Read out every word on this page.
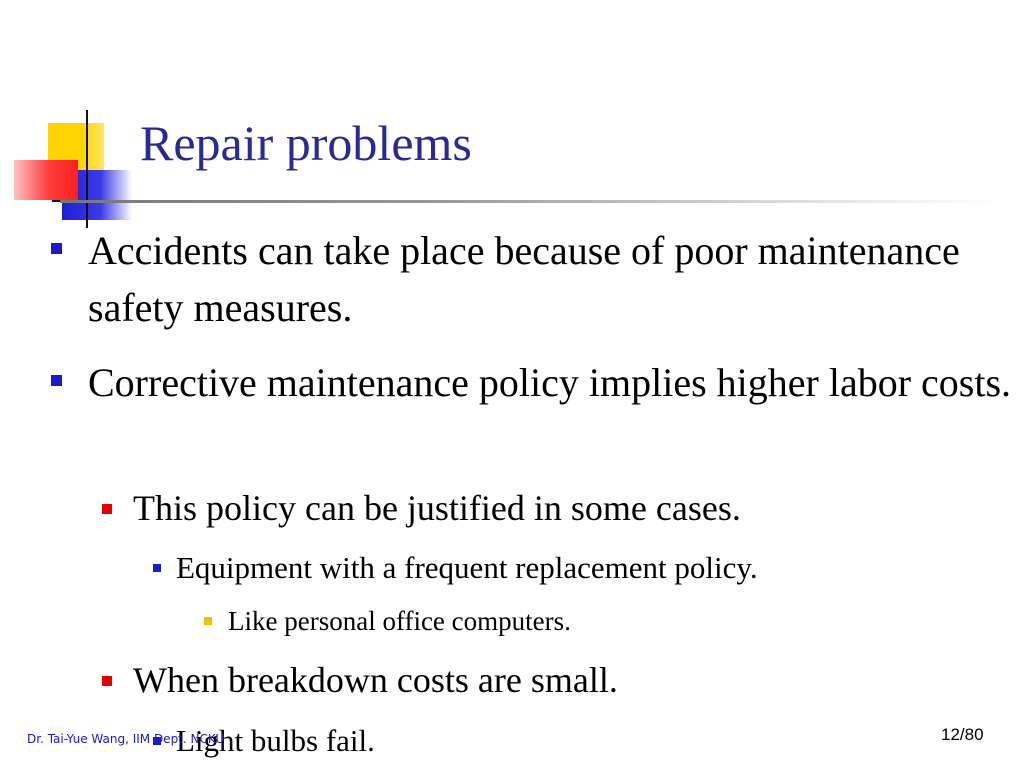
Repair problems
Accidents can take place because of poor maintenance safety measures.
Corrective maintenance policy implies higher labor costs.
This policy can be justified in some cases.
Equipment with a frequent replacement policy.
Like personal office computers.
When breakdown costs are small.
Light bulbs fail.
Dr. Tai-Yue Wang, IIM Dept. NCKU	12/80
